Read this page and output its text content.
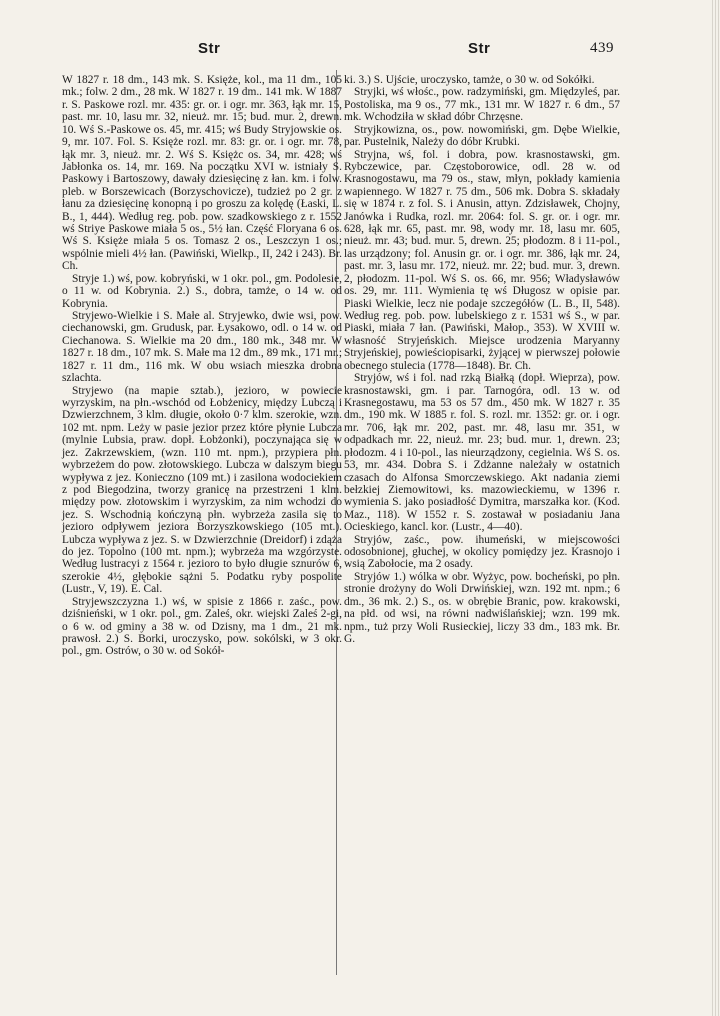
Str	Str	439

W 1827 r. 18 dm., 143 mk. S. Księże, kol., ma 11 dm., 105 mk.; folw. 2 dm., 28 mk. W 1827 r. 19 dm.. 141 mk. W 1887 r. S. Paskowe rozl. mr. 435: gr. or. i ogr. mr. 363, łąk mr. 15, past. mr. 10, lasu mr. 32, nieuż. mr. 15; bud. mur. 2, drewn. 10. Wś S.-Paskowe os. 45, mr. 415; wś Budy Stryjowskie os. 9, mr. 107. Fol. S. Księże rozl. mr. 83: gr. or. i ogr. mr. 78, łąk mr. 3, nieuż. mr. 2. Wś S. Księżc os. 34, mr. 428; wś Jabłonka os. 14, mr. 169. Na początku XVI w. istniały S. Paskowy i Bartoszowy, dawały dziesięcinę z łan. km. i folw. pleb. w Borszewicach (Borzyschovicze), tudzież po 2 gr. z łanu za dziesięcinę konopną i po groszu za kolędę (Łaski, L. B., 1, 444). Według reg. pob. pow. szadkowskiego z r. 1552 wś Striye Paskowe miała 5 os., 5½ łan. Część Floryana 6 os. Wś S. Księże miała 5 os. Tomasz 2 os., Leszczyn 1 os.; wspólnie mieli 4½ łan. (Pawiński, Wielkp., II, 242 i 243). Br. Ch.

Stryje 1.) wś, pow. kobryński, w 1 okr. pol., gm. Podolesie, o 11 w. od Kobrynia. 2.) S., dobra, tamże, o 14 w. od Kobrynia.

Stryjewo-Wielkie i S. Małe al. Stryjewko, dwie wsi, pow. ciechanowski, gm. Grudusk, par. Łysakowo, odl. o 14 w. od Ciechanowa. S. Wielkie ma 20 dm., 180 mk., 348 mr. W 1827 r. 18 dm., 107 mk. S. Małe ma 12 dm., 89 mk., 171 mr.; 1827 r. 11 dm., 116 mk. W obu wsiach mieszka drobna szlachta.

Stryjewo (na mapie sztab.), jezioro, w powiecie wyrzyskim, na płn.-wschód od Łobżenicy, między Lubczą i Dzwierzchnem, 3 klm. długie, około 0·7 klm. szerokie, wzn. 102 mt. npm. Leży w pasie jezior przez które płynie Lubcza (mylnie Lubsia, praw. dopł. Łobżonki), poczynająca się w jez. Zakrzewskiem, (wzn. 110 mt. npm.), przypiera płn. wybrzeżem do pow. złotowskiego. Lubcza w dalszym biegu wypływa z jez. Konieczno (109 mt.) i zasilona wodociekiem z pod Biegodzina, tworzy granicę na przestrzeni 1 klm. między pow. złotowskim i wyrzyskim, za nim wchodzi do jez. S. Wschodnią kończyną płn. wybrzeża zasila się to jezioro odpływem jeziora Borzyszkowskiego (105 mt.). Lubcza wypływa z jez. S. w Dzwierzchnie (Dreidorf) i zdąża do jez. Topolno (100 mt. npm.); wybrzeża ma wzgórzyste. Według lustracyi z 1564 r. jezioro to było długie sznurów 6, szerokie 4½, głębokie sążni 5. Podatku ryby pospolite (Lustr., V, 19). E. Cal.

Stryjewszczyzna 1.) wś, w spisie z 1866 r. zaśc., pow. dziśnieński, w 1 okr. pol., gm. Zaleś, okr. wiejski Zaleś 2-gi, o 6 w. od gminy a 38 w. od Dzisny, ma 1 dm., 21 mk. prawosł. 2.) S. Borki, uroczysko, pow. sokólski, w 3 okr. pol., gm. Ostrów, o 30 w. od Sokół-

ki. 3.) S. Ujście, uroczysko, tamże, o 30 w. od Sokółki.

Stryjki, wś włośc., pow. radzymiński, gm. Międzyleś, par. Postoliska, ma 9 os., 77 mk., 131 mr. W 1827 r. 6 dm., 57 mk. Wchodziła w skład dóbr Chrzęsne.

Stryjkowizna, os., pow. nowomiński, gm. Dębe Wielkie, par. Pustelnik, Należy do dóbr Krubki.

Stryjna, wś, fol. i dobra, pow. krasnostawski, gm. Rybczewice, par. Częstoborowice, odl. 28 w. od Krasnogostawu, ma 79 os., staw, młyn, pokłady kamienia wapiennego. W 1827 r. 75 dm., 506 mk. Dobra S. składały się w 1874 r. z fol. S. i Anusin, attyn. Zdzisławek, Chojny, Janówka i Rudka, rozl. mr. 2064: fol. S. gr. or. i ogr. mr. 628, łąk mr. 65, past. mr. 98, wody mr. 18, lasu mr. 605, nieuż. mr. 43; bud. mur. 5, drewn. 25; płodozm. 8 i 11-pol., las urządzony; fol. Anusin gr. or. i ogr. mr. 386, łąk mr. 24, past. mr. 3, lasu mr. 172, nieuż. mr. 22; bud. mur. 3, drewn. 2, płodozm. 11-pol. Wś S. os. 66, mr. 956; Władysławów os. 29, mr. 111. Wymienia tę wś Długosz w opisie par. Piaski Wielkie, lecz nie podaje szczegółów (L. B., II, 548). Według reg. pob. pow. lubelskiego z r. 1531 wś S., w par. Piaski, miała 7 łan. (Pawiński, Małop., 353). W XVIII w. własność Stryjeńskich. Miejsce urodzenia Maryanny Stryjeńskiej, powieściopisarki, żyjącej w pierwszej połowie obecnego stulecia (1778—1848). Br. Ch.

Stryjów, wś i fol. nad rzką Białką (dopł. Wieprza), pow. krasnostawski, gm. i par. Tarnogóra, odl. 13 w. od Krasnegostawu, ma 53 os 57 dm., 450 mk. W 1827 r. 35 dm., 190 mk. W 1885 r. fol. S. rozl. mr. 1352: gr. or. i ogr. mr. 706, łąk mr. 202, past. mr. 48, lasu mr. 351, w odpadkach mr. 22, nieuż. mr. 23; bud. mur. 1, drewn. 23; płodozm. 4 i 10-pol., las nieurządzony, cegielnia. Wś S. os. 53, mr. 434. Dobra S. i Zdżanne należały w ostatnich czasach do Alfonsa Smorczewskiego. Akt nadania ziemi bełzkiej Ziemowitowi, ks. mazowieckiemu, w 1396 r. wymienia S. jako posiadłość Dymitra, marszałka kor. (Kod. Maz., 118). W 1552 r. S. zostawał w posiadaniu Jana Ocieskiego, kancl. kor. (Lustr., 4—40).

Stryjów, zaśc., pow. ihumeński, w miejscowości odosobnionej, głuchej, w okolicy pomiędzy jez. Krasnojo i wsią Zabołocie, ma 2 osady.

Stryjów 1.) wólka w obr. Wyżyc, pow. bocheński, po płn. stronie drożyny do Woli Drwińskiej, wzn. 192 mt. npm.; 6 dm., 36 mk. 2.) S., os. w obrębie Branic, pow. krakowski, na płd. od wsi, na równi nadwiślańskiej; wzn. 199 mk. npm., tuż przy Woli Rusieckiej, liczy 33 dm., 183 mk. Br. G.
